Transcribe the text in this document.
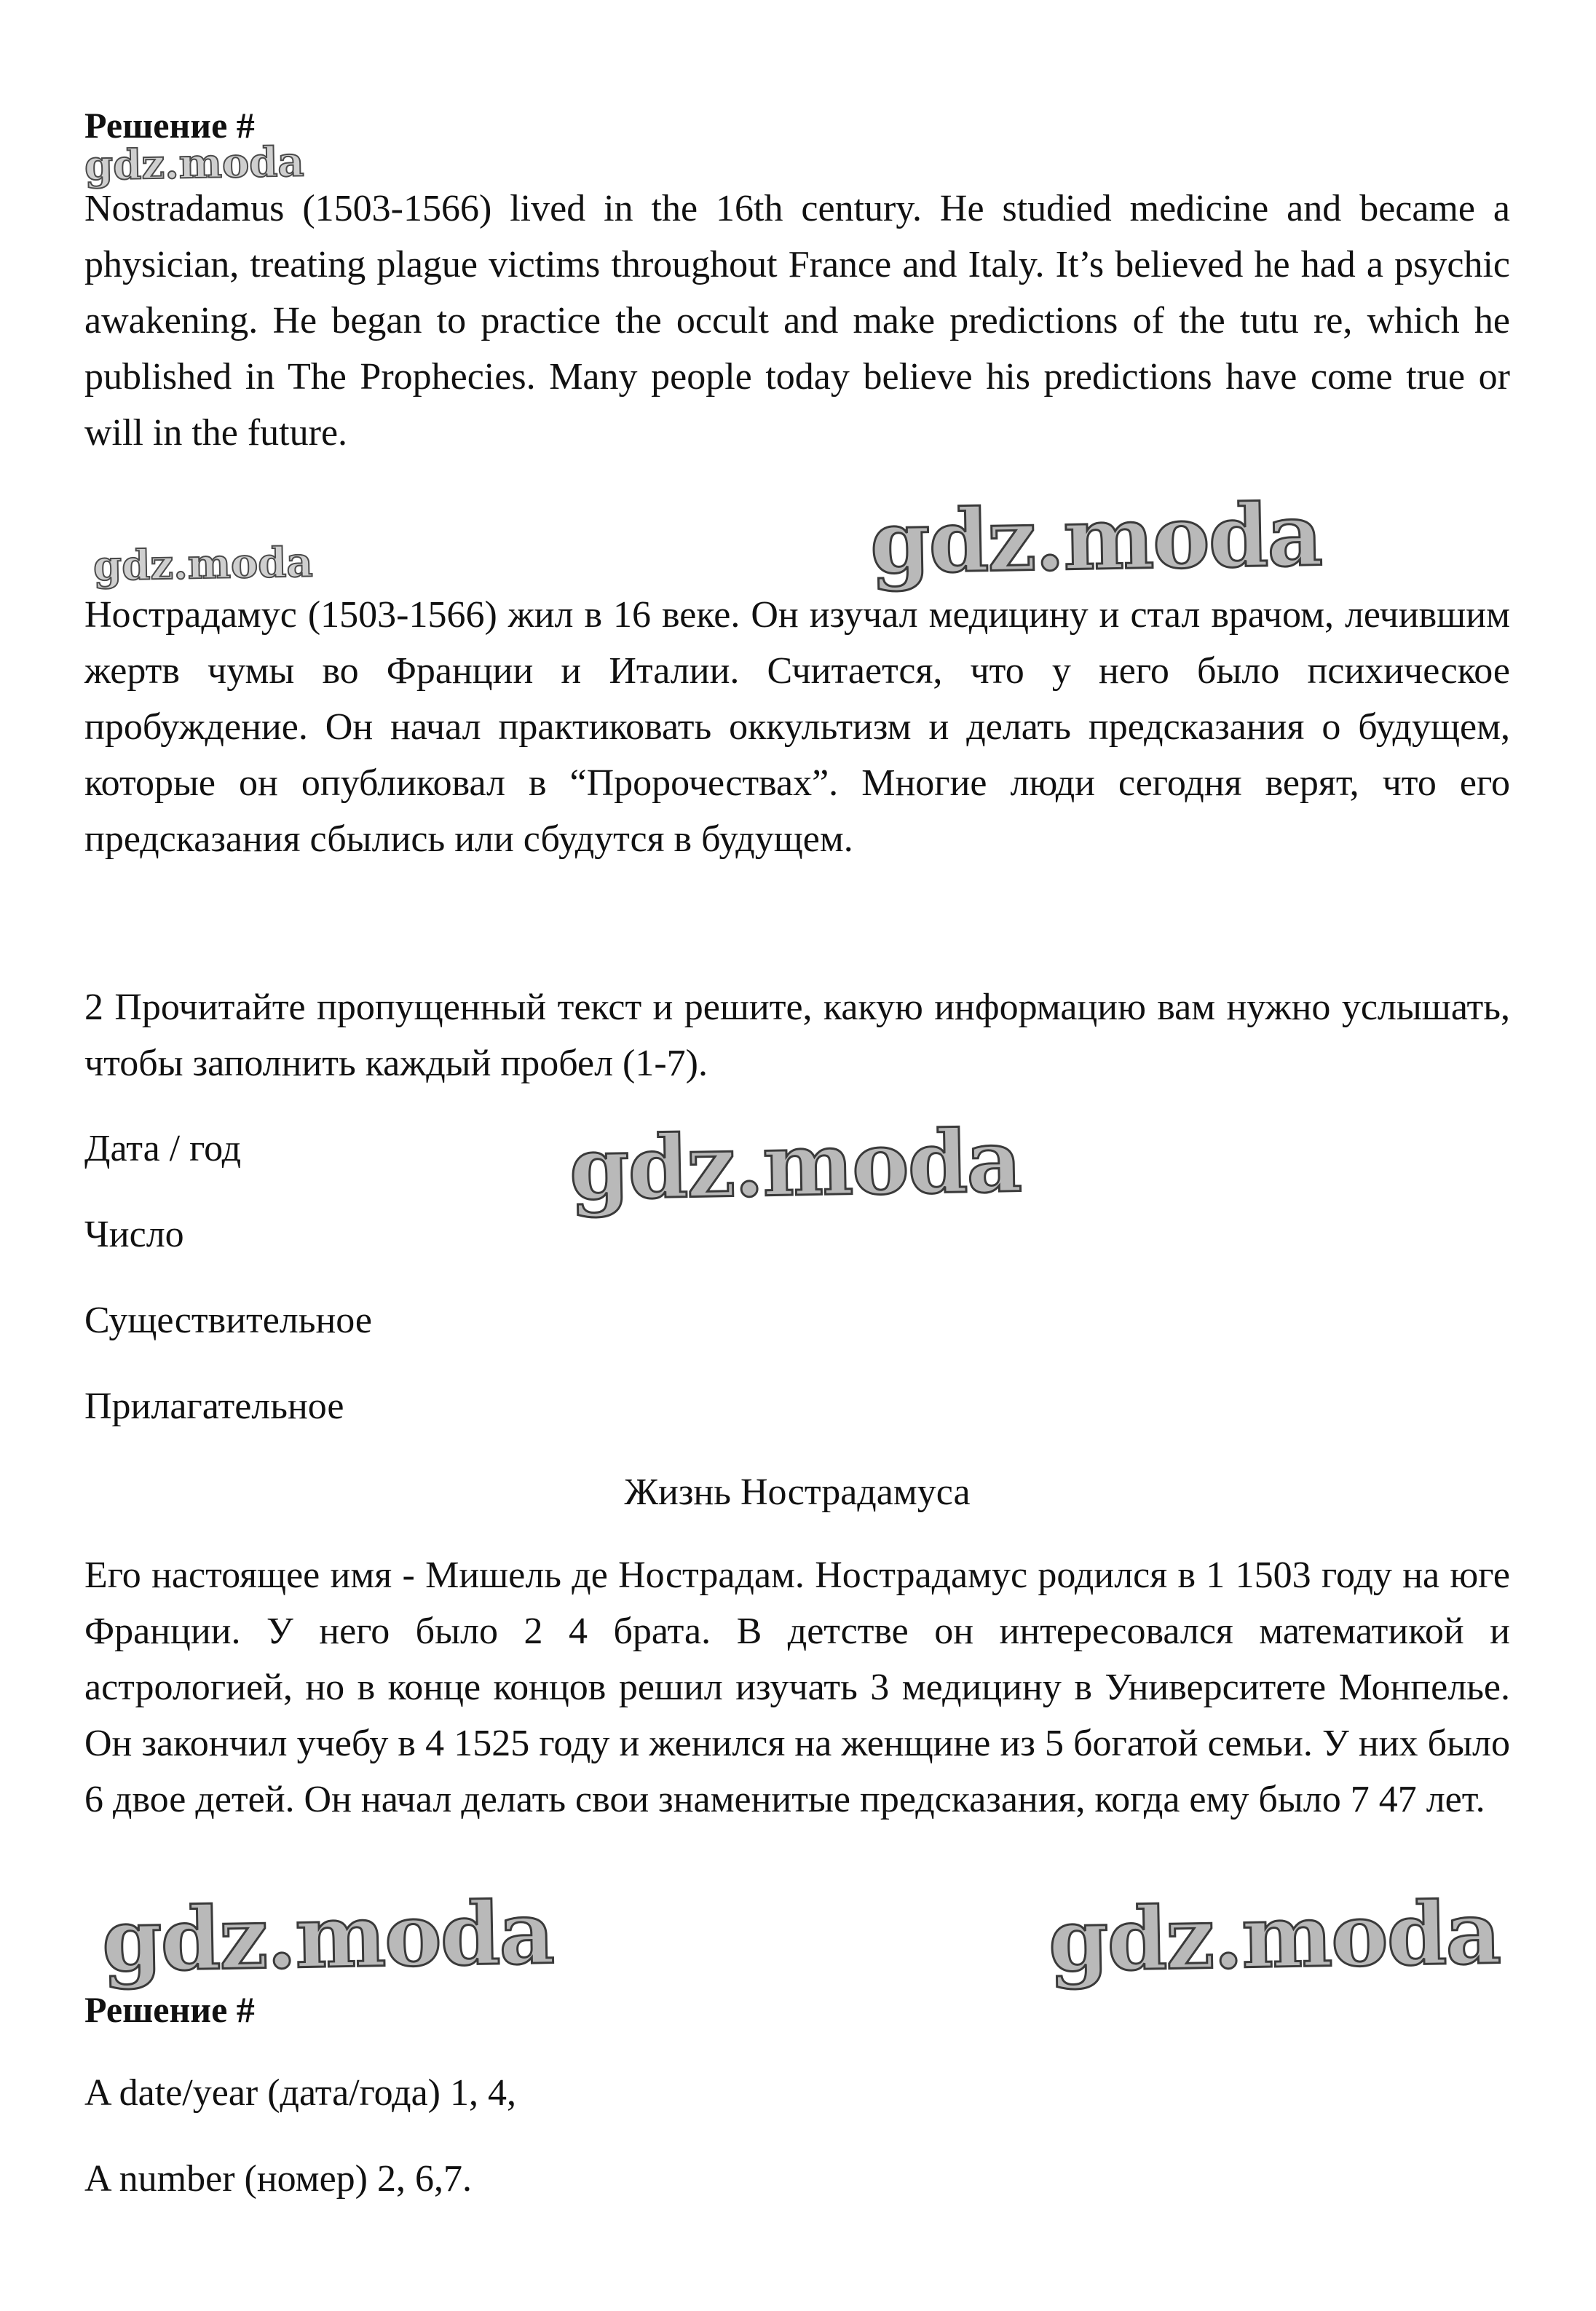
Решение #

Nostradamus (1503-1566) lived in the 16th century. He studied medicine and became a physician, treating plague victims throughout France and Italy. It’s believed he had a psychic awakening. He began to practice the occult and make predictions of the tutu re, which he published in The Prophecies. Many people today believe his predictions have come true or will in the future.

Нострадамус (1503-1566) жил в 16 веке. Он изучал медицину и стал врачом, лечившим жертв чумы во Франции и Италии. Считается, что у него было психическое пробуждение. Он начал практиковать оккультизм и делать предсказания о будущем, которые он опубликовал в “Пророчествах”. Многие люди сегодня верят, что его предсказания сбылись или сбудутся в будущем.

2 Прочитайте пропущенный текст и решите, какую информацию вам нужно услышать, чтобы заполнить каждый пробел (1-7).

Дата / год

Число

Существительное

Прилагательное

Жизнь Нострадамуса

Его настоящее имя - Мишель де Нострадам. Нострадамус родился в 1 1503 году на юге Франции. У него было 2 4 брата. В детстве он интересовался математикой и астрологией, но в конце концов решил изучать 3 медицину в Университете Монпелье. Он закончил учебу в 4 1525 году и женился на женщине из 5 богатой семьи. У них было 6 двое детей. Он начал делать свои знаменитые предсказания, когда ему было 7 47 лет.

Решение #

A date/year (дата/года) 1, 4,

A number (номер) 2, 6,7.

gdz.moda
gdz.moda	gdz.moda
gdz.moda
gdz.moda	gdz.moda
